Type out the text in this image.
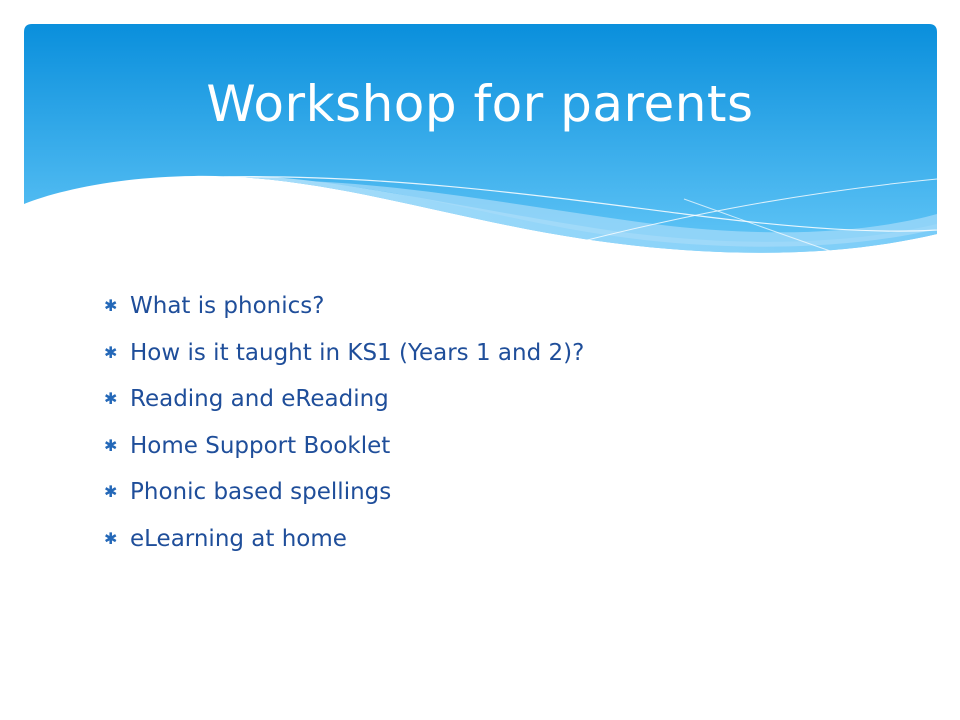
Workshop for parents
✱ What is phonics?
✱ How is it taught in KS1 (Years 1 and 2)?
✱ Reading and eReading
✱ Home Support Booklet
✱ Phonic based spellings
✱ eLearning at home
